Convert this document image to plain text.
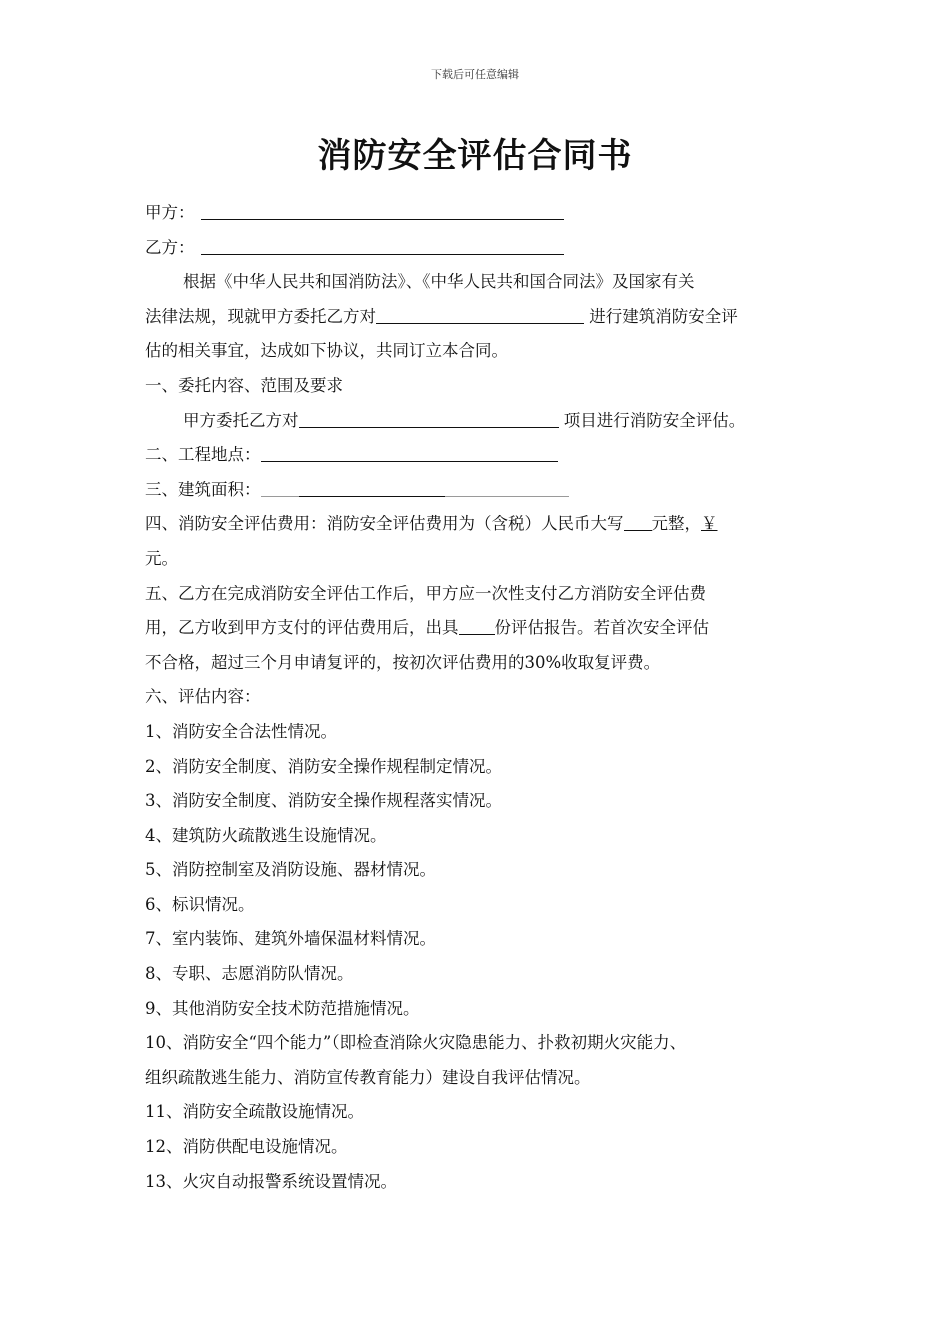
下载后可任意编辑
消防安全评估合同书
甲方：
乙方：
根据《中华人民共和国消防法》、《中华人民共和国合同法》及国家有关
法律法规，现就甲方委托乙方对	进行建筑消防安全评
估的相关事宜，达成如下协议，共同订立本合同。
一、委托内容、范围及要求
甲方委托乙方对	项目进行消防安全评估。
二、工程地点：
三、建筑面积：
四、消防安全评估费用：消防安全评估费用为（含税）人民币大写 元整，￥
元。
五、乙方在完成消防安全评估工作后，甲方应一次性支付乙方消防安全评估费
用，乙方收到甲方支付的评估费用后，出具 份评估报告。若首次安全评估
不合格，超过三个月申请复评的，按初次评估费用的30%收取复评费。
六、评估内容：
1、消防安全合法性情况。
2、消防安全制度、消防安全操作规程制定情况。
3、消防安全制度、消防安全操作规程落实情况。
4、建筑防火疏散逃生设施情况。
5、消防控制室及消防设施、器材情况。
6、标识情况。
7、室内装饰、建筑外墙保温材料情况。
8、专职、志愿消防队情况。
9、其他消防安全技术防范措施情况。
10、消防安全“四个能力”（即检查消除火灾隐患能力、扑救初期火灾能力、
组织疏散逃生能力、消防宣传教育能力）建设自我评估情况。
11、消防安全疏散设施情况。
12、消防供配电设施情况。
13、火灾自动报警系统设置情况。
